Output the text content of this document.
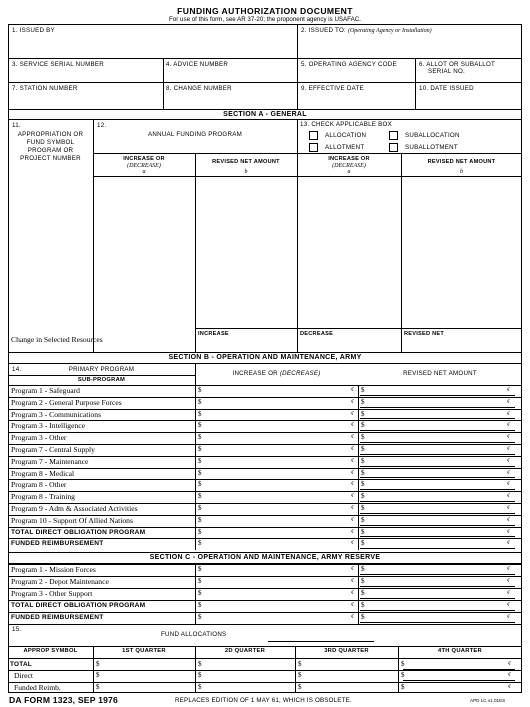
FUNDING AUTHORIZATION DOCUMENT
For use of this form, see AR 37-20; the proponent agency is USAFAC.
1. ISSUED BY	2. ISSUED TO: (Operating Agency or Installation)
3. SERVICE SERIAL NUMBER	4. ADVICE NUMBER	5. OPERATING AGENCY CODE	6. ALLOT OR SUBALLOT
SERIAL NO.
7. STATION NUMBER	8. CHANGE NUMBER	9. EFFECTIVE DATE	10. DATE ISSUED
SECTION A - GENERAL
11.
APPROPRIATION OR
FUND SYMBOL
PROGRAM OR
PROJECT NUMBER
12.
ANNUAL FUNDING PROGRAM
13. CHECK APPLICABLE BOX
ALLOCATION	SUBALLOCATION
ALLOTMENT	SUBALLOTMENT
INCREASE OR
(DECREASE)
a
REVISED NET AMOUNT
b
INCREASE OR
(DECREASE)
a
REVISED NET AMOUNT
b
Change in Selected Resources
INCREASE	DECREASE	REVISED NET
SECTION B - OPERATION AND MAINTENANCE, ARMY
14.	PRIMARY PROGRAM
SUB-PROGRAM
INCREASE OR (DECREASE)	REVISED NET AMOUNT
Program 1 - Safeguard	$	¢ $	¢
Program 2 - General Purpose Forces	$	¢ $	¢
Program 3 - Communications	$	¢ $	¢
Program 3 - Intelligence	$	¢ $	¢
Program 3 - Other	$	¢ $	¢
Program 7 - Central Supply	$	¢ $	¢
Program 7 - Maintenance	$	¢ $	¢
Program 8 - Medical	$	¢ $	¢
Program 8 - Other	$	¢ $	¢
Program 8 - Training	$	¢ $	¢
Program 9 - Adm & Associated Activities	$	¢ $	¢
Program 10 - Support Of Allied Nations	$	¢ $	¢
TOTAL DIRECT OBLIGATION PROGRAM	$	¢ $	¢
FUNDED REIMBURSEMENT	$	¢ $	¢
SECTION C - OPERATION AND MAINTENANCE, ARMY RESERVE
Program 1 - Mission Forces	$	¢ $	¢
Program 2 - Depot Maintenance	$	¢ $	¢
Program 3 - Other Support	$	¢ $	¢
TOTAL DIRECT OBLIGATION PROGRAM	$	¢ $	¢
FUNDED REIMBURSEMENT	$	¢ $	¢
15.
FUND ALLOCATIONS
APPROP SYMBOL	1ST QUARTER	2D QUARTER	3RD QUARTER	4TH QUARTER
TOTAL	$	$	$	$	¢
Direct	$	$	$	$	¢
Funded Reimb.	$	$	$	$	¢
DA FORM 1323, SEP 1976	REPLACES EDITION OF 1 MAY 61, WHICH IS OBSOLETE.	APD LC v1.01ES
